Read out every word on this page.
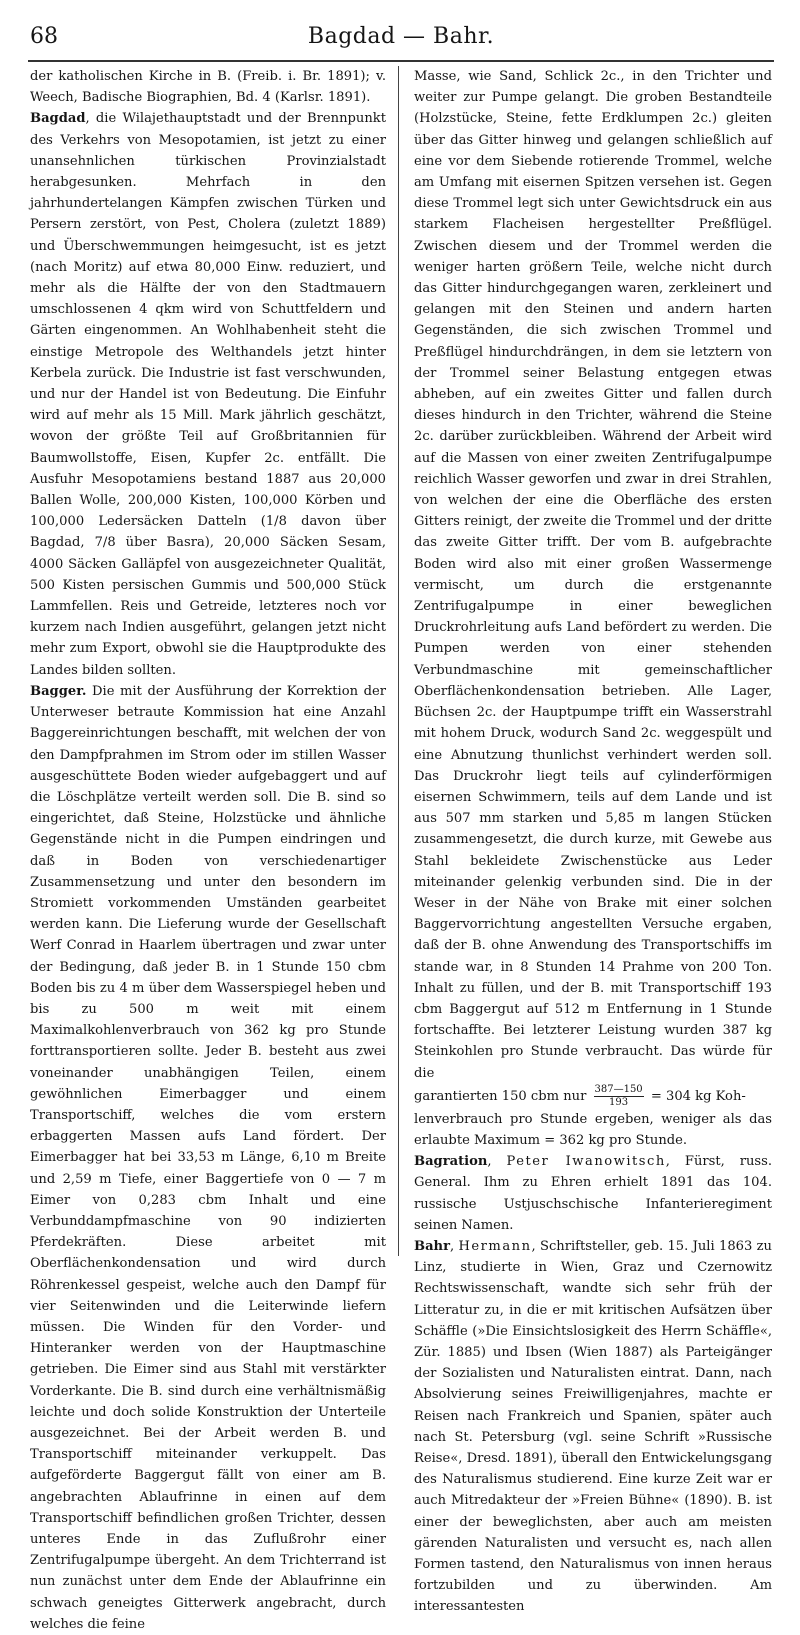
68	Bagdad — Bahr.

der katholischen Kirche in B. (Freib. i. Br. 1891); v. Weech, Badische Biographien, Bd. 4 (Karlsr. 1891).

Bagdad, die Wilajethauptstadt und der Brennpunkt des Verkehrs von Mesopotamien, ist jetzt zu einer unansehnlichen türkischen Provinzialstadt herabgesunken. Mehrfach in den jahrhundertelangen Kämpfen zwischen Türken und Persern zerstört, von Pest, Cholera (zuletzt 1889) und Überschwemmungen heimgesucht, ist es jetzt (nach Moritz) auf etwa 80,000 Einw. reduziert, und mehr als die Hälfte der von den Stadtmauern umschlossenen 4 qkm wird von Schuttfeldern und Gärten eingenommen. An Wohlhabenheit steht die einstige Metropole des Welthandels jetzt hinter Kerbela zurück. Die Industrie ist fast verschwunden, und nur der Handel ist von Bedeutung. Die Einfuhr wird auf mehr als 15 Mill. Mark jährlich geschätzt, wovon der größte Teil auf Großbritannien für Baumwollstoffe, Eisen, Kupfer 2c. entfällt. Die Ausfuhr Mesopotamiens bestand 1887 aus 20,000 Ballen Wolle, 200,000 Kisten, 100,000 Körben und 100,000 Ledersäcken Datteln (1/8 davon über Bagdad, 7/8 über Basra), 20,000 Säcken Sesam, 4000 Säcken Galläpfel von ausgezeichneter Qualität, 500 Kisten persischen Gummis und 500,000 Stück Lammfellen. Reis und Getreide, letzteres noch vor kurzem nach Indien ausgeführt, gelangen jetzt nicht mehr zum Export, obwohl sie die Hauptprodukte des Landes bilden sollten.

Bagger. Die mit der Ausführung der Korrektion der Unterweser betraute Kommission hat eine Anzahl Baggereinrichtungen beschafft, mit welchen der von den Dampfprahmen im Strom oder im stillen Wasser ausgeschüttete Boden wieder aufgebaggert und auf die Löschplätze verteilt werden soll. Die B. sind so eingerichtet, daß Steine, Holzstücke und ähnliche Gegenstände nicht in die Pumpen eindringen und daß in Boden von verschiedenartiger Zusammensetzung und unter den besondern im Stromiett vorkommenden Umständen gearbeitet werden kann. Die Lieferung wurde der Gesellschaft Werf Conrad in Haarlem übertragen und zwar unter der Bedingung, daß jeder B. in 1 Stunde 150 cbm Boden bis zu 4 m über dem Wasserspiegel heben und bis zu 500 m weit mit einem Maximalkohlenverbrauch von 362 kg pro Stunde forttransportieren sollte. Jeder B. besteht aus zwei voneinander unabhängigen Teilen, einem gewöhnlichen Eimerbagger und einem Transportschiff, welches die vom erstern erbaggerten Massen aufs Land fördert. Der Eimerbagger hat bei 33,53 m Länge, 6,10 m Breite und 2,59 m Tiefe, einer Baggertiefe von 0 — 7 m Eimer von 0,283 cbm Inhalt und eine Verbunddampfmaschine von 90 indizierten Pferdekräften. Diese arbeitet mit Oberflächenkondensation und wird durch Röhrenkessel gespeist, welche auch den Dampf für vier Seitenwinden und die Leiterwinde liefern müssen. Die Winden für den Vorder- und Hinteranker werden von der Hauptmaschine getrieben. Die Eimer sind aus Stahl mit verstärkter Vorderkante. Die B. sind durch eine verhältnismäßig leichte und doch solide Konstruktion der Unterteile ausgezeichnet. Bei der Arbeit werden B. und Transportschiff miteinander verkuppelt. Das aufgeförderte Baggergut fällt von einer am B. angebrachten Ablaufrinne in einen auf dem Transportschiff befindlichen großen Trichter, dessen unteres Ende in das Zuflußrohr einer Zentrifugalpumpe übergeht. An dem Trichterrand ist nun zunächst unter dem Ende der Ablaufrinne ein schwach geneigtes Gitterwerk angebracht, durch welches die feine

Masse, wie Sand, Schlick 2c., in den Trichter und weiter zur Pumpe gelangt. Die groben Bestandteile (Holzstücke, Steine, fette Erdklumpen 2c.) gleiten über das Gitter hinweg und gelangen schließlich auf eine vor dem Siebende rotierende Trommel, welche am Umfang mit eisernen Spitzen versehen ist. Gegen diese Trommel legt sich unter Gewichtsdruck ein aus starkem Flacheisen hergestellter Preßflügel. Zwischen diesem und der Trommel werden die weniger harten größern Teile, welche nicht durch das Gitter hindurchgegangen waren, zerkleinert und gelangen mit den Steinen und andern harten Gegenständen, die sich zwischen Trommel und Preßflügel hindurchdrängen, in dem sie letztern von der Trommel seiner Belastung entgegen etwas abheben, auf ein zweites Gitter und fallen durch dieses hindurch in den Trichter, während die Steine 2c. darüber zurückbleiben. Während der Arbeit wird auf die Massen von einer zweiten Zentrifugalpumpe reichlich Wasser geworfen und zwar in drei Strahlen, von welchen der eine die Oberfläche des ersten Gitters reinigt, der zweite die Trommel und der dritte das zweite Gitter trifft. Der vom B. aufgebrachte Boden wird also mit einer großen Wassermenge vermischt, um durch die erstgenannte Zentrifugalpumpe in einer beweglichen Druckrohrleitung aufs Land befördert zu werden. Die Pumpen werden von einer stehenden Verbundmaschine mit gemeinschaftlicher Oberflächenkondensation betrieben. Alle Lager, Büchsen 2c. der Hauptpumpe trifft ein Wasserstrahl mit hohem Druck, wodurch Sand 2c. weggespült und eine Abnutzung thunlichst verhindert werden soll. Das Druckrohr liegt teils auf cylinderförmigen eisernen Schwimmern, teils auf dem Lande und ist aus 507 mm starken und 5,85 m langen Stücken zusammengesetzt, die durch kurze, mit Gewebe aus Stahl bekleidete Zwischenstücke aus Leder miteinander gelenkig verbunden sind. Die in der Weser in der Nähe von Brake mit einer solchen Baggervorrichtung angestellten Versuche ergaben, daß der B. ohne Anwendung des Transportschiffs im stande war, in 8 Stunden 14 Prahme von 200 Ton. Inhalt zu füllen, und der B. mit Transportschiff 193 cbm Baggergut auf 512 m Entfernung in 1 Stunde fortschaffte. Bei letzterer Leistung wurden 387 kg Steinkohlen pro Stunde verbraucht. Das würde für die

garantierten 150 cbm nur $\frac{387—150}{193} = 304$ kg Koh-

lenverbrauch pro Stunde ergeben, weniger als das erlaubte Maximum = 362 kg pro Stunde.

Bagration, Peter Iwanowitsch, Fürst, russ. General. Ihm zu Ehren erhielt 1891 das 104. russische Ustjuschschische Infanterieregiment seinen Namen.

Bahr, Hermann, Schriftsteller, geb. 15. Juli 1863 zu Linz, studierte in Wien, Graz und Czernowitz Rechtswissenschaft, wandte sich sehr früh der Litteratur zu, in die er mit kritischen Aufsätzen über Schäffle (»Die Einsichtslosigkeit des Herrn Schäffle«, Zür. 1885) und Ibsen (Wien 1887) als Parteigänger der Sozialisten und Naturalisten eintrat. Dann, nach Absolvierung seines Freiwilligenjahres, machte er Reisen nach Frankreich und Spanien, später auch nach St. Petersburg (vgl. seine Schrift »Russische Reise«, Dresd. 1891), überall den Entwickelungsgang des Naturalismus studierend. Eine kurze Zeit war er auch Mitredakteur der »Freien Bühne« (1890). B. ist einer der beweglichsten, aber auch am meisten gärenden Naturalisten und versucht es, nach allen Formen tastend, den Naturalismus von innen heraus fortzubilden und zu überwinden. Am interessantesten
